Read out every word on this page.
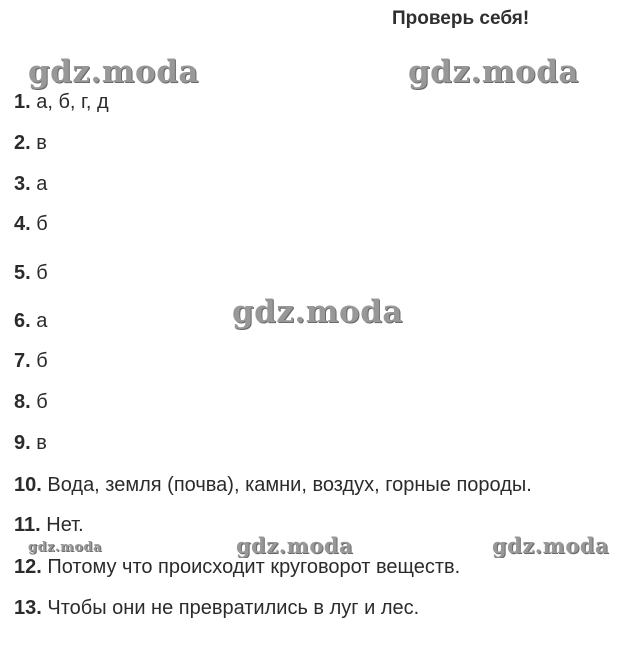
Проверь себя!
gdz.moda	gdz.moda
gdz.moda
gdz.moda	gdz.moda	gdz.moda
1. а, б, г, д
2. в
3. а
4. б
5. б
6. а
7. б
8. б
9. в
10. Вода, земля (почва), камни, воздух, горные породы.
11. Нет.
12. Потому что происходит круговорот веществ.
13. Чтобы они не превратились в луг и лес.
